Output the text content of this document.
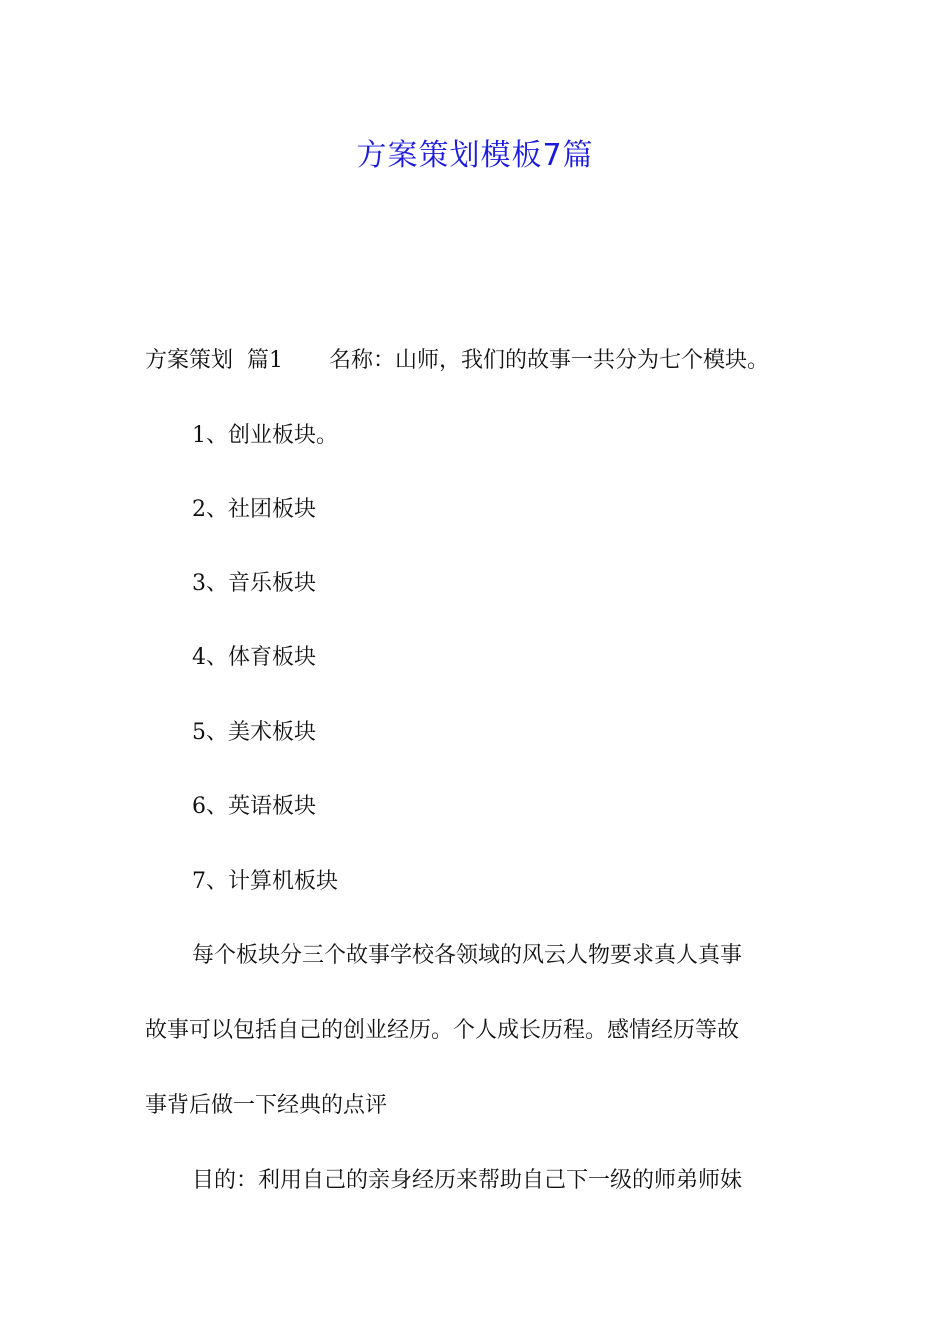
方案策划模板7篇
方案策划  篇1 名称：山师，我们的故事一共分为七个模块。
1、创业板块。
2、社团板块
3、音乐板块
4、体育板块
5、美术板块
6、英语板块
7、计算机板块
每个板块分三个故事学校各领域的风云人物要求真人真事
故事可以包括自己的创业经历。个人成长历程。感情经历等故
事背后做一下经典的点评
目的：利用自己的亲身经历来帮助自己下一级的师弟师妹
